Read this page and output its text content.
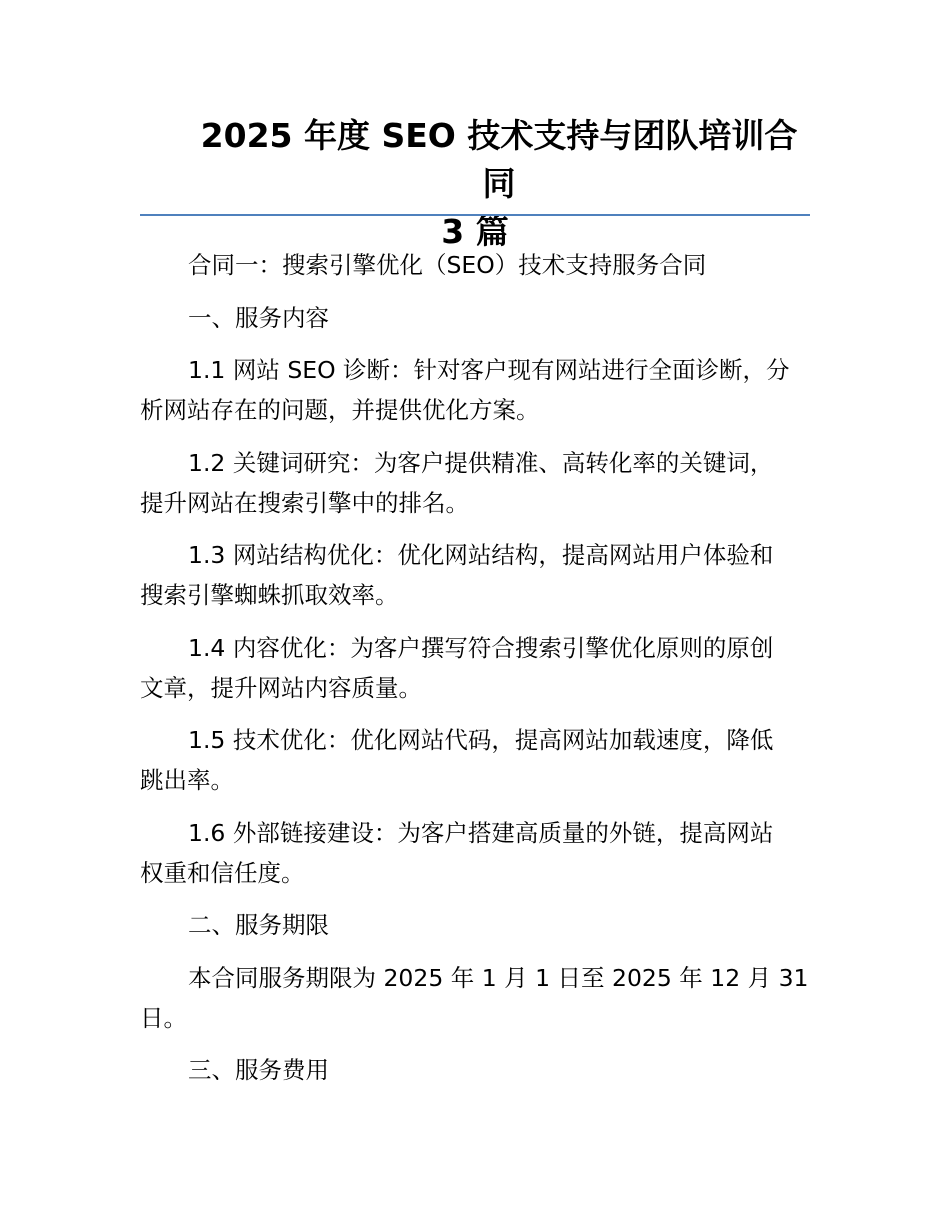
2025 年度 SEO 技术支持与团队培训合同
3 篇

合同一：搜索引擎优化（SEO）技术支持服务合同

一、服务内容

1.1 网站 SEO 诊断：针对客户现有网站进行全面诊断，分
析网站存在的问题，并提供优化方案。

1.2 关键词研究：为客户提供精准、高转化率的关键词，
提升网站在搜索引擎中的排名。

1.3 网站结构优化：优化网站结构，提高网站用户体验和
搜索引擎蜘蛛抓取效率。

1.4 内容优化：为客户撰写符合搜索引擎优化原则的原创
文章，提升网站内容质量。

1.5 技术优化：优化网站代码，提高网站加载速度，降低
跳出率。

1.6 外部链接建设：为客户搭建高质量的外链，提高网站
权重和信任度。

二、服务期限

本合同服务期限为 2025 年 1 月 1 日至 2025 年 12 月 31
日。

三、服务费用
